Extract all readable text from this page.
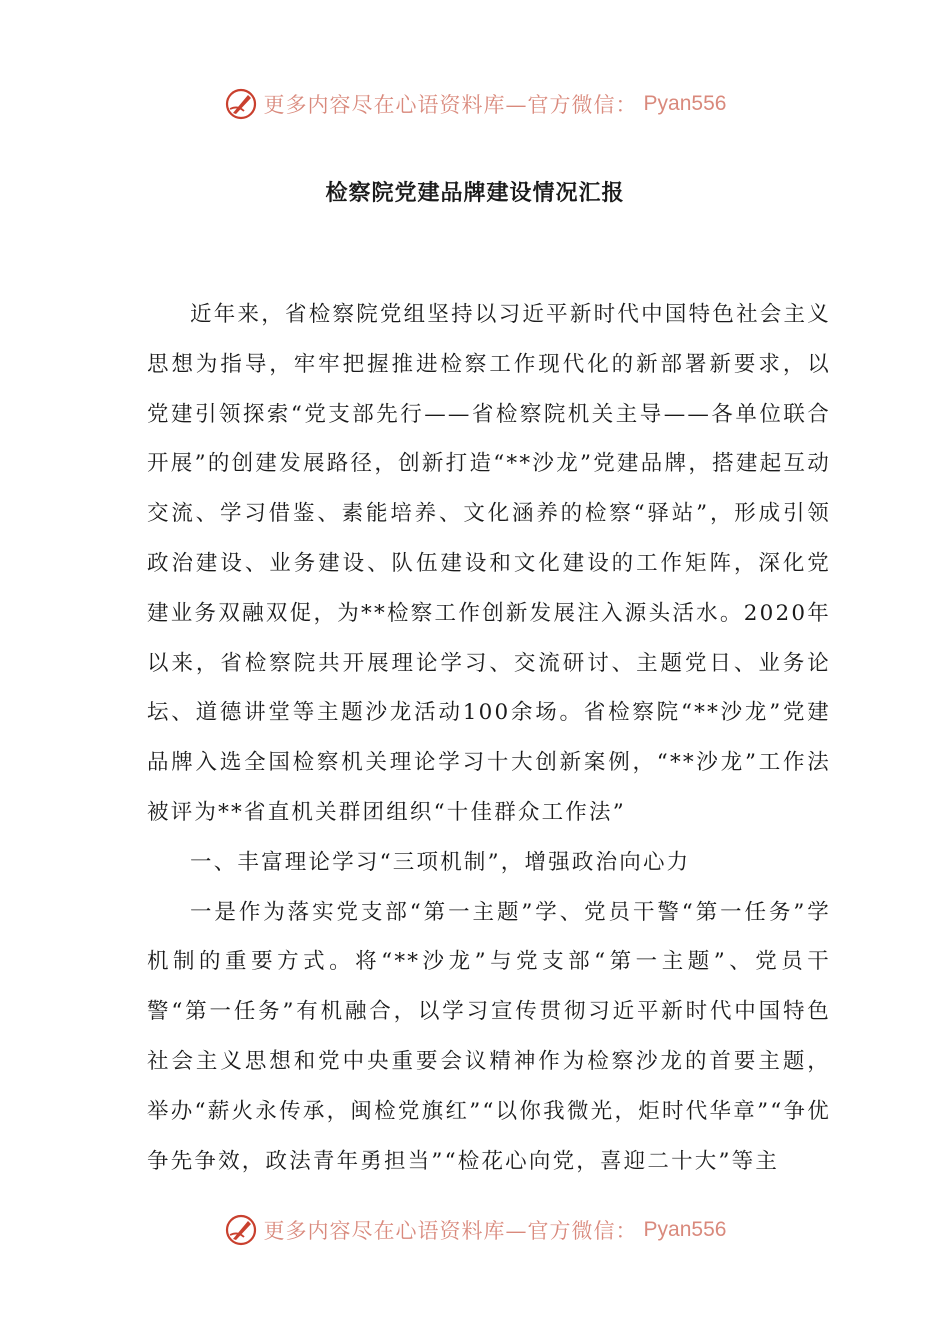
更多内容尽在心语资料库—官方微信： Pyan556
检察院党建品牌建设情况汇报

近年来，省检察院党组坚持以习近平新时代中国特色社会主义思想为指导，牢牢把握推进检察工作现代化的新部署新要求，以党建引领探索“党支部先行——省检察院机关主导——各单位联合开展”的创建发展路径，创新打造“**沙龙”党建品牌，搭建起互动交流、学习借鉴、素能培养、文化涵养的检察“驿站”，形成引领政治建设、业务建设、队伍建设和文化建设的工作矩阵，深化党建业务双融双促，为**检察工作创新发展注入源头活水。2020年以来，省检察院共开展理论学习、交流研讨、主题党日、业务论坛、道德讲堂等主题沙龙活动100余场。省检察院“**沙龙”党建品牌入选全国检察机关理论学习十大创新案例，“**沙龙”工作法被评为**省直机关群团组织“十佳群众工作法”

一、丰富理论学习“三项机制”，增强政治向心力

一是作为落实党支部“第一主题”学、党员干警“第一任务”学机制的重要方式。将“**沙龙”与党支部“第一主题”、党员干警“第一任务”有机融合，以学习宣传贯彻习近平新时代中国特色社会主义思想和党中央重要会议精神作为检察沙龙的首要主题，举办“薪火永传承，闽检党旗红”“以你我微光，炬时代华章”“争优争先争效，政法青年勇担当”“检花心向党，喜迎二十大”等主

更多内容尽在心语资料库—官方微信： Pyan556
